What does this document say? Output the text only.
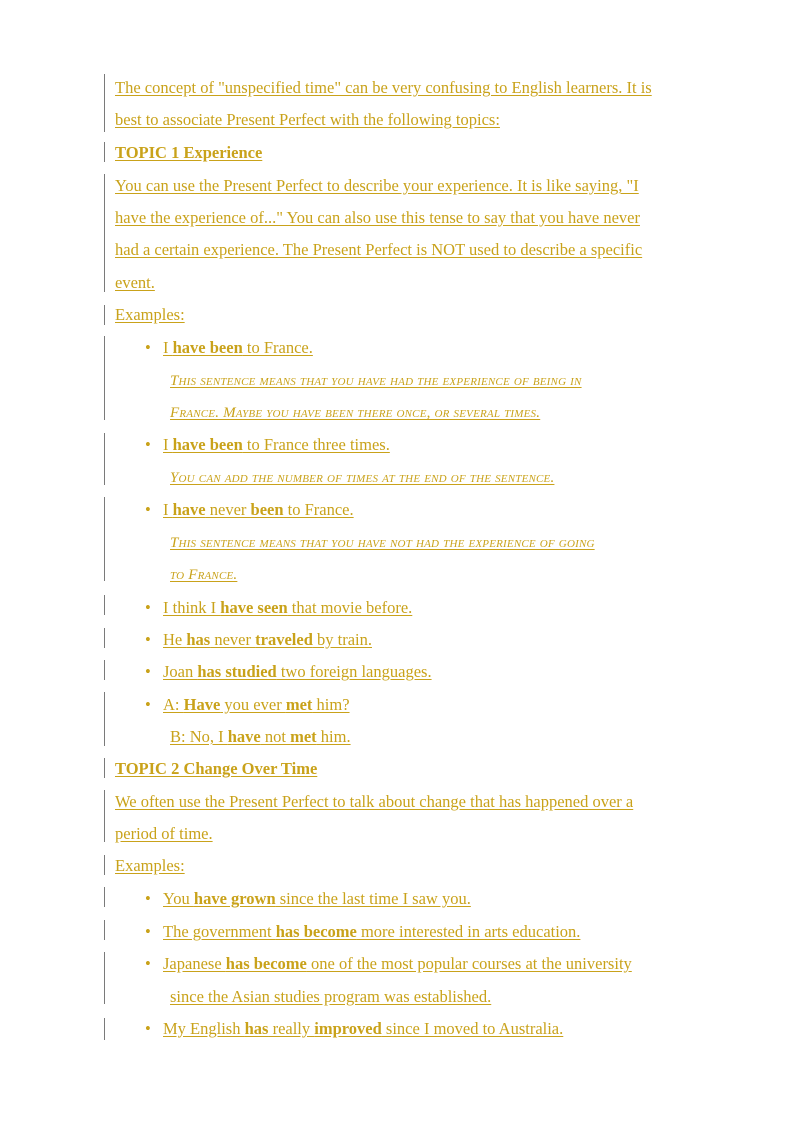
The concept of "unspecified time" can be very confusing to English learners. It is
best to associate Present Perfect with the following topics:
TOPIC 1 Experience
You can use the Present Perfect to describe your experience. It is like saying, "I
have the experience of..." You can also use this tense to say that you have never
had a certain experience. The Present Perfect is NOT used to describe a specific
event.
Examples:
• I have been to France.
This sentence means that you have had the experience of being in
France. Maybe you have been there once, or several times.
• I have been to France three times.
You can add the number of times at the end of the sentence.
• I have never been to France.
This sentence means that you have not had the experience of going
to France.
• I think I have seen that movie before.
• He has never traveled by train.
• Joan has studied two foreign languages.
• A: Have you ever met him?
B: No, I have not met him.
TOPIC 2 Change Over Time
We often use the Present Perfect to talk about change that has happened over a
period of time.
Examples:
• You have grown since the last time I saw you.
• The government has become more interested in arts education.
• Japanese has become one of the most popular courses at the university
since the Asian studies program was established.
• My English has really improved since I moved to Australia.
